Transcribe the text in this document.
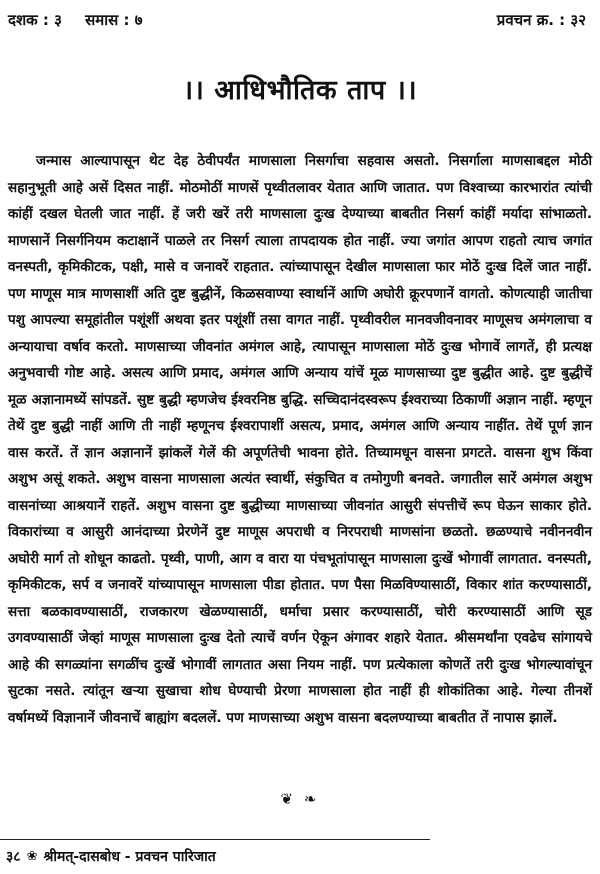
दशक : ३ समास : ७	प्रवचन क्र. : ३२
।। आधिभौतिक ताप ।।

जन्मास आल्यापासून थेट देह ठेवीपर्यंत माणसाला निसर्गाचा सहवास असतो. निसर्गाला माणसाबद्दल मोठी सहानुभूती आहे असें दिसत नाहीं. मोठमोठीं माणसें पृथ्वीतलावर येतात आणि जातात. पण विश्वाच्या कारभारांत त्यांची कांहीं दखल घेतली जात नाहीं. हें जरी खरें तरी माणसाला दुःख देण्याच्या बाबतीत निसर्ग कांहीं मर्यादा सांभाळतो. माणसानें निसर्गनियम कटाक्षानें पाळले तर निसर्ग त्याला तापदायक होत नाहीं. ज्या जगांत आपण राहतो त्याच जगांत वनस्पती, कृमिकीटक, पक्षी, मासे व जनावरें राहतात. त्यांच्यापासून देखील माणसाला फार मोठें दुःख दिलें जात नाहीं. पण माणूस मात्र माणसाशीं अति दुष्ट बुद्धीनें, किळसवाण्या स्वार्थानें आणि अघोरी क्रूरपणानें वागतो. कोणत्याही जातीचा पशु आपल्या समूहांतील पशूंशीं अथवा इतर पशूंशीं तसा वागत नाहीं. पृथ्वीवरील मानवजीवनावर माणूसच अमंगलाचा व अन्यायाचा वर्षाव करतो. माणसाच्या जीवनांत अमंगल आहे, त्यापासून माणसाला मोठें दुःख भोगावें लागतें, ही प्रत्यक्ष अनुभवाची गोष्ट आहे. असत्य आणि प्रमाद, अमंगल आणि अन्याय यांचें मूळ माणसाच्या दुष्ट बुद्धीत आहे. दुष्ट बुद्धीचें मूळ अज्ञानामध्यें सांपडतें. सुष्ट बुद्धी म्हणजेच ईश्वरनिष्ठ बुद्धि. सच्चिदानंदस्वरूप ईश्वराच्या ठिकाणीं अज्ञान नाहीं. म्हणून तेथें दुष्ट बुद्धी नाहीं आणि ती नाहीं म्हणूनच ईश्वरापाशीं असत्य, प्रमाद, अमंगल आणि अन्याय नाहींत. तेथें पूर्ण ज्ञान वास करतें. तें ज्ञान अज्ञानानें झांकलें गेलें की अपूर्णतेची भावना होते. तिच्यामधून वासना प्रगटते. वासना शुभ किंवा अशुभ असूं शकते. अशुभ वासना माणसाला अत्यंत स्वार्थी, संकुचित व तमोगुणी बनवते. जगातील सारें अमंगल अशुभ वासनांच्या आश्रयानें राहतें. अशुभ वासना दुष्ट बुद्धीच्या माणसाच्या जीवनांत आसुरी संपत्तीचें रूप घेऊन साकार होते. विकारांच्या व आसुरी आनंदाच्या प्रेरणेनें दुष्ट माणूस अपराधी व निरपराधी माणसांना छळतो. छळण्याचे नवीननवीन अघोरी मार्ग तो शोधून काढतो. पृथ्वी, पाणी, आग व वारा या पंचभूतांपासून माणसाला दुःखें भोगावीं लागतात. वनस्पती, कृमिकीटक, सर्प व जनावरें यांच्यापासून माणसाला पीडा होतात. पण पैसा मिळविण्यासाठीं, विकार शांत करण्यासाठीं, सत्ता बळकावण्यासाठीं, राजकारण खेळण्यासाठीं, धर्माचा प्रसार करण्यासाठीं, चोरी करण्यासाठीं आणि सूड उगवण्यासाठीं जेव्हां माणूस माणसाला दुःख देतो त्याचें वर्णन ऐकून अंगावर शहारे येतात. श्रीसमर्थांना एवढेच सांगायचे आहे की सगळ्यांना सगळींच दुःखें भोगावीं लागतात असा नियम नाहीं. पण प्रत्येकाला कोणतें तरी दुःख भोगल्यावांचून सुटका नसते. त्यांतून खऱ्या सुखाचा शोध घेण्याची प्रेरणा माणसाला होत नाहीं ही शोकांतिका आहे. गेल्या तीनशें वर्षामध्यें विज्ञानानें जीवनाचें बाह्यांग बदललें. पण माणसाच्या अशुभ वासना बदलण्याच्या बाबतीत तें नापास झालें.

❦ ❧
३८ ❀ श्रीमत्-दासबोध - प्रवचन पारिजात
